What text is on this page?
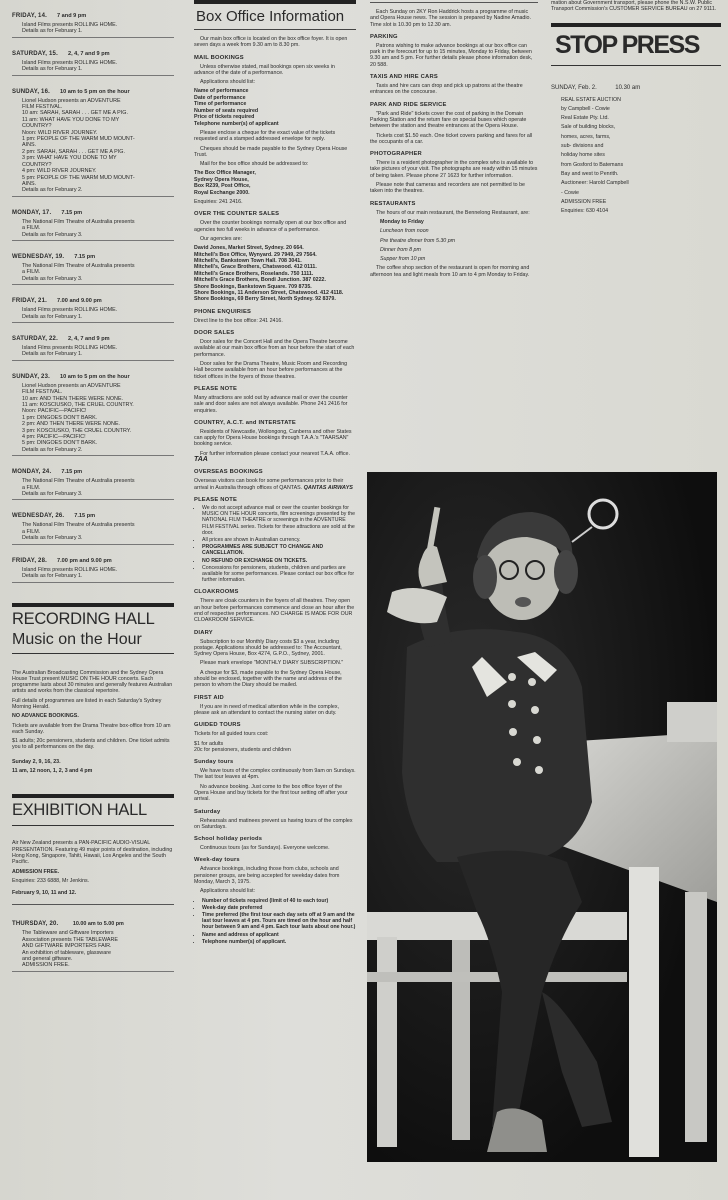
FRIDAY, 14. 7 and 9 pm
Island Films presents ROLLING HOME.
Details as for February 1.
SATURDAY, 15. 2, 4, 7 and 9 pm
Island Films presents ROLLING HOME.
Details as for February 1.
SUNDAY, 16. 10 am to 5 pm on the hour
Lionel Hudson presents an ADVENTURE
FILM FESTIVAL.
10 am: SARAH, SARAH . . . GET ME A PIG.
11 am: WHAT HAVE YOU DONE TO MY
COUNTRY?
Noon: WILD RIVER JOURNEY.
1 pm: PEOPLE OF THE WARM MUD MOUNT-
AINS.
2 pm: SARAH, SARAH . . . GET ME A PIG.
3 pm: WHAT HAVE YOU DONE TO MY
COUNTRY?
4 pm: WILD RIVER JOURNEY.
5 pm: PEOPLE OF THE WARM MUD MOUNT-
AINS.
Details as for February 2.
MONDAY, 17. 7.15 pm
The National Film Theatre of Australia presents
a FILM.
Details as for February 3.
WEDNESDAY, 19. 7.15 pm
The National Film Theatre of Australia presents
a FILM.
Details as for February 3.
FRIDAY, 21. 7.00 and 9.00 pm
Island Films presents ROLLING HOME.
Details as for February 1.
SATURDAY, 22. 2, 4, 7 and 9 pm
Island Films presents ROLLING HOME.
Details as for February 1.
SUNDAY, 23. 10 am to 5 pm on the hour
Lionel Hudson presents an ADVENTURE
FILM FESTIVAL.
10 am: AND THEN THERE WERE NONE.
11 am: KOSCIUSKO, THE CRUEL COUNTRY.
Noon: PACIFIC—PACIFIC!
1 pm: DINGOES DON'T BARK.
2 pm: AND THEN THERE WERE NONE.
3 pm: KOSCIUSKO, THE CRUEL COUNTRY.
4 pm: PACIFIC—PACIFIC!
5 pm: DINGOES DON'T BARK.
Details as for February 2.
MONDAY, 24. 7.15 pm
The National Film Theatre of Australia presents
a FILM.
Details as for February 3.
WEDNESDAY, 26. 7.15 pm
The National Film Theatre of Australia presents
a FILM.
Details as for February 3.
FRIDAY, 28. 7.00 pm and 9.00 pm
Island Films presents ROLLING HOME.
Details as for February 1.
RECORDING HALL
Music on the Hour
The Australian Broadcasting Commission and the Sydney Opera House Trust present MUSIC ON THE HOUR concerts. Each programme lasts about 30 minutes and generally features Australian artists and works from the classical repertoire.
Full details of programmes are listed in each Saturday's Sydney Morning Herald.
NO ADVANCE BOOKINGS.
Tickets are available from the Drama Theatre box-office from 10 am each Sunday.
$1 adults; 20c pensioners, students and children. One ticket admits you to all performances on the day.
Sunday 2, 9, 16, 23.
11 am, 12 noon, 1, 2, 3 and 4 pm
EXHIBITION HALL
Air New Zealand presents a PAN-PACIFIC AUDIO-VISUAL PRESENTATION. Featuring 49 major points of destination, including Hong Kong, Singapore, Tahiti, Hawaii, Los Angeles and the South Pacific.
ADMISSION FREE.
Enquiries: 233 6888, Mr Jenkins.
February 9, 10, 11 and 12.
THURSDAY, 20.	10.00 am to 5.00 pm
The Tableware and Giftware Importers
Association presents THE TABLEWARE
AND GIFTWARE IMPORTERS FAIR.
An exhibition of tableware, glassware
and general giftware.
ADMISSION FREE.
Box Office Information
Our main box office is located on the box office foyer. It is open seven days a week from 9.30 am to 8.30 pm.
MAIL BOOKINGS
Unless otherwise stated, mail bookings open six weeks in advance of the date of a performance.
Applications should list:
Name of performance
Date of performance
Time of performance
Number of seats required
Price of tickets required
Telephone number(s) of applicant
Please enclose a cheque for the exact value of the tickets requested and a stamped addressed envelope for reply.
Cheques should be made payable to the Sydney Opera House Trust.
Mail for the box office should be addressed to:
The Box Office Manager,
Sydney Opera House,
Box R239, Post Office,
Royal Exchange 2000.
Enquiries: 241 2416.
OVER THE COUNTER SALES
Over the counter bookings normally open at our box office and agencies two full weeks in advance of a performance.
Our agencies are:
David Jones, Market Street, Sydney. 20 664.
Mitchell's Box Office, Wynyard. 29 7949, 29 7564.
Mitchell's, Bankstown Town Hall. 708 3041.
Mitchell's, Grace Brothers, Chatswood. 412 0111.
Mitchell's Grace Brothers, Roselands. 750 1111.
Mitchell's Grace Brothers, Bondi Junction. 387 0222.
Shore Bookings, Bankstown Square. 709 8735.
Shore Bookings, 11 Anderson Street, Chatswood. 412 4118.
Shore Bookings, 69 Berry Street, North Sydney. 92 8379.
PHONE ENQUIRIES
Direct line to the box office: 241 2416.
DOOR SALES
Door sales for the Concert Hall and the Opera Theatre become available at our main box office from an hour before the start of each performance.
Door sales for the Drama Theatre, Music Room and Recording Hall become available from an hour before performances at the ticket offices in the foyers of those theatres.
PLEASE NOTE
Many attractions are sold out by advance mail or over the counter sale and door sales are not always available. Phone 241 2416 for enquiries.
COUNTRY, A.C.T. and INTERSTATE
Residents of Newcastle, Wollongong, Canberra and other States can apply for Opera House bookings through T.A.A.'s "TAARSAN" booking service.
For further information please contact your nearest T.A.A. office. TAA
OVERSEAS BOOKINGS
Overseas visitors can book for some performances prior to their arrival in Australia through offices of QANTAS. QANTAS AIRWAYS
PLEASE NOTE
• We do not accept advance mail or over the counter bookings for MUSIC ON THE HOUR concerts, film screenings presented by the NATIONAL FILM THEATRE or screenings in the ADVENTURE FILM FESTIVAL series. Tickets for these attractions are sold at the door.
• All prices are shown in Australian currency.
• PROGRAMMES ARE SUBJECT TO CHANGE AND CANCELLATION.
• NO REFUND OR EXCHANGE ON TICKETS.
• Concessions for pensioners, students, children and parties are available for some performances. Please contact our box office for further information.
CLOAKROOMS
There are cloak counters in the foyers of all theatres. They open an hour before performances commence and close an hour after the end of respective performances. NO CHARGE IS MADE FOR OUR CLOAKROOM SERVICE.
DIARY
Subscription to our Monthly Diary costs $3 a year, including postage. Applications should be addressed to: The Accountant, Sydney Opera House, Box 4274, G.P.O., Sydney, 2001.
Please mark envelope "MONTHLY DIARY SUBSCRIPTION."
A cheque for $3, made payable to the Sydney Opera House, should be enclosed, together with the name and address of the person to whom the Diary should be mailed.
FIRST AID
If you are in need of medical attention while in the complex, please ask an attendant to contact the nursing sister on duty.
GUIDED TOURS
Tickets for all guided tours cost:
$1 for adults
20c for pensioners, students and children
Sunday tours
We have tours of the complex continuously from 9am on Sundays. The last tour leaves at 4pm.
No advance booking. Just come to the box office foyer of the Opera House and buy tickets for the first tour setting off after your arrival.
Saturday
Rehearsals and matinees prevent us having tours of the complex on Saturdays.
School holiday periods
Continuous tours (as for Sundays). Everyone welcome.
Week-day tours
Advance bookings, including those from clubs, schools and pensioner groups, are being accepted for weekday dates from Monday, March 3, 1975.
Applications should list:
• Number of tickets required (limit of 40 to each tour)
• Week-day date preferred
• Time preferred (the first tour each day sets off at 9 am and the last tour leaves at 4 pm. Tours are timed on the hour and half hour between 9 am and 4 pm. Each tour lasts about one hour.)
• Name and address of applicant
• Telephone number(s) of applicant.
Each Sunday on 2KY Ron Haddrick hosts a programme of music and Opera House news. The session is prepared by Nadine Amadio. Time slot is 10.30 pm to 12.30 am.
PARKING
Patrons wishing to make advance bookings at our box office can park in the forecourt for up to 15 minutes, Monday to Friday, between 9.30 am and 5 pm. For further details please phone information desk, 20 588.
TAXIS AND HIRE CARS
Taxis and hire cars can drop and pick up patrons at the theatre entrances on the concourse.
PARK AND RIDE SERVICE
"Park and Ride" tickets cover the cost of parking in the Domain Parking Station and the return fare on special buses which operate between the station and theatre entrances at the Opera House.
Tickets cost $1.50 each. One ticket covers parking and fares for all the occupants of a car.
PHOTOGRAPHER
There is a resident photographer in the complex who is available to take pictures of your visit. The photographs are ready within 15 minutes of being taken. Please phone 27 1623 for further information.
Please note that cameras and recorders are not permitted to be taken into the theatres.
RESTAURANTS
The hours of our main restaurant, the Bennelong Restaurant, are:
Monday to Friday
Luncheon from noon
Pre theatre dinner from 5.30 pm
Dinner from 8 pm
Supper from 10 pm
The coffee shop section of the restaurant is open for morning and afternoon tea and light meals from 10 am to 4 pm Monday to Friday.
mation about Government transport, please phone the N.S.W. Public Transport Commission's CUSTOMER SERVICE BUREAU on 27 9111.
STOP PRESS
SUNDAY, Feb. 2.	10.30 am
REAL ESTATE AUCTION
by Campbell - Cowie
Real Estate Pty. Ltd.
Sale of building blocks,
homes, acres, farms,
sub- divisions and
holiday home sites
from Gosford to Batemans
Bay and west to Penrith.
Auctioneer: Harold Campbell
- Cowie
ADMISSION FREE
Enquiries: 630 4104
